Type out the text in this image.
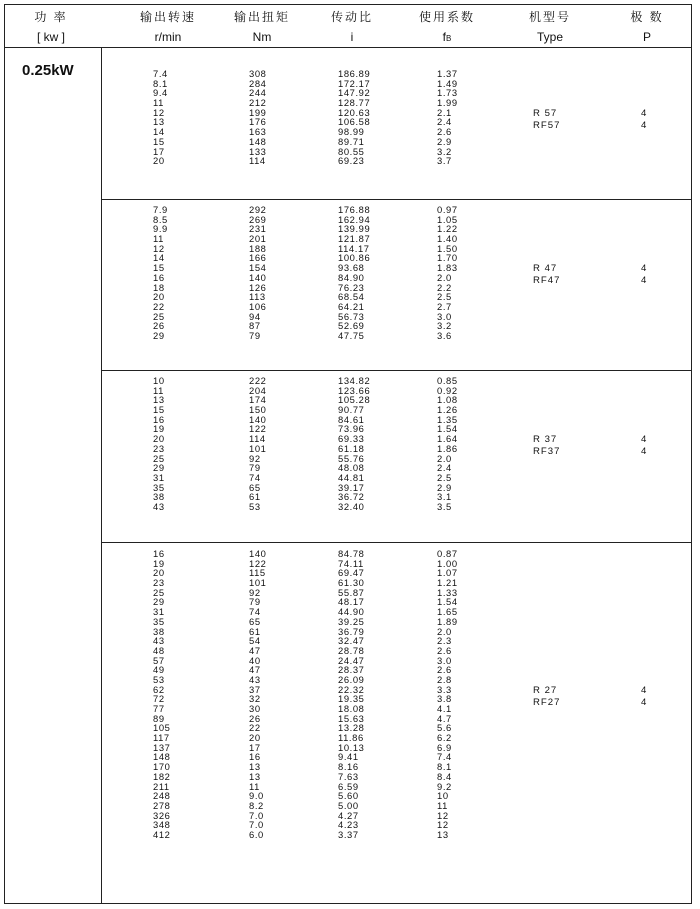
功 率
[ kw ]
输出转速
r/min
输出扭矩
Nm
传动比
i
使用系数
fB
机型号
Type
极 数
P
0.25kW	7.4
8.1
9.4
11
12
13
14
15
17
20
308
284
244
212
199
176
163
148
133
114
186.89
172.17
147.92
128.77
120.63
106.58
98.99
89.71
80.55
69.23
1.37
1.49
1.73
1.99
2.1
2.4
2.6
2.9
3.2
3.7
R 57
RF57
4
4
7.9
8.5
9.9
11
12
14
15
16
18
20
22
25
26
29
292
269
231
201
188
166
154
140
126
113
106
94
87
79
176.88
162.94
139.99
121.87
114.17
100.86
93.68
84.90
76.23
68.54
64.21
56.73
52.69
47.75
0.97
1.05
1.22
1.40
1.50
1.70
1.83
2.0
2.2
2.5
2.7
3.0
3.2
3.6
R 47
RF47
4
4
10
11
13
15
16
19
20
23
25
29
31
35
38
43
222
204
174
150
140
122
114
101
92
79
74
65
61
53
134.82
123.66
105.28
90.77
84.61
73.96
69.33
61.18
55.76
48.08
44.81
39.17
36.72
32.40
0.85
0.92
1.08
1.26
1.35
1.54
1.64
1.86
2.0
2.4
2.5
2.9
3.1
3.5
R 37
RF37
4
4
16
19
20
23
25
29
31
35
38
43
48
57
49
53
62
72
77
89
105
117
137
148
170
182
211
248
278
326
348
412
140
122
115
101
92
79
74
65
61
54
47
40
47
43
37
32
30
26
22
20
17
16
13
13
11
9.0
8.2
7.0
7.0
6.0
84.78
74.11
69.47
61.30
55.87
48.17
44.90
39.25
36.79
32.47
28.78
24.47
28.37
26.09
22.32
19.35
18.08
15.63
13.28
11.86
10.13
9.41
8.16
7.63
6.59
5.60
5.00
4.27
4.23
3.37
0.87
1.00
1.07
1.21
1.33
1.54
1.65
1.89
2.0
2.3
2.6
3.0
2.6
2.8
3.3
3.8
4.1
4.7
5.6
6.2
6.9
7.4
8.1
8.4
9.2
10
11
12
12
13
R 27
RF27
4
4
